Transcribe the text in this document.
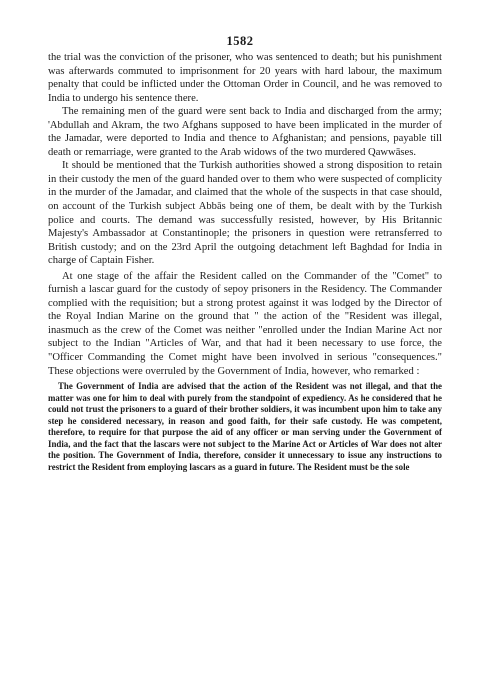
1582

the trial was the conviction of the prisoner, who was sentenced to death; but his punishment was afterwards commuted to imprisonment for 20 years with hard labour, the maximum penalty that could be inflicted under the Ottoman Order in Council, and he was removed to India to undergo his sentence there.

The remaining men of the guard were sent back to India and discharged from the army; 'Abdullah and Akram, the two Afghans supposed to have been implicated in the murder of the Jamadar, were deported to India and thence to Afghanistan; and pensions, payable till death or remarriage, were granted to the Arab widows of the two murdered Qawwāses.

It should be mentioned that the Turkish authorities showed a strong disposition to retain in their custody the men of the guard handed over to them who were suspected of complicity in the murder of the Jamadar, and claimed that the whole of the suspects in that case should, on account of the Turkish subject Abbās being one of them, be dealt with by the Turkish police and courts. The demand was successfully resisted, however, by His Britannic Majesty's Ambassador at Constantinople; the prisoners in question were retransferred to British custody; and on the 23rd April the outgoing detachment left Baghdad for India in charge of Captain Fisher.

At one stage of the affair the Resident called on the Commander of the "Comet" to furnish a lascar guard for the custody of sepoy prisoners in the Residency. The Commander complied with the requisition; but a strong protest against it was lodged by the Director of the Royal Indian Marine on the ground that " the action of the "Resident was illegal, inasmuch as the crew of the Comet was neither "enrolled under the Indian Marine Act nor subject to the Indian "Articles of War, and that had it been necessary to use force, the "Officer Commanding the Comet might have been involved in serious "consequences." These objections were overruled by the Government of India, however, who remarked :

The Government of India are advised that the action of the Resident was not illegal, and that the matter was one for him to deal with purely from the standpoint of expediency. As he considered that he could not trust the prisoners to a guard of their brother soldiers, it was incumbent upon him to take any step he considered necessary, in reason and good faith, for their safe custody. He was competent, therefore, to require for that purpose the aid of any officer or man serving under the Government of India, and the fact that the lascars were not subject to the Marine Act or Articles of War does not alter the position. The Government of India, therefore, consider it unnecessary to issue any instructions to restrict the Resident from employing lascars as a guard in future. The Resident must be the sole
